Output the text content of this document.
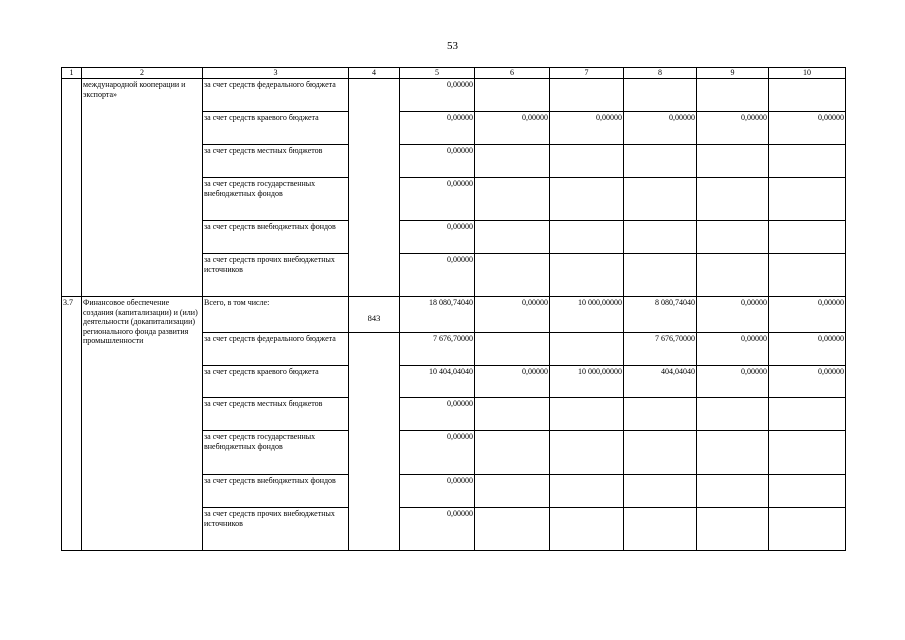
53
1	2	3	4	5	6	7	8	9	10
	международной кооперации и экспорта»	за счет средств федерального бюджета		0,00000					
		за счет средств краевого бюджета		0,00000	0,00000	0,00000	0,00000	0,00000	0,00000
		за счет средств местных бюджетов		0,00000					
		за счет средств государственных внебюджетных фондов		0,00000					
		за счет средств внебюджетных фондов		0,00000					
		за счет средств прочих внебюджетных источников		0,00000					
3.7	Финансовое обеспечение создания (капитализации) и (или) деятельности (докапитализации) регионального фонда развития промышленности	Всего, в том числе:	843	18 080,74040	0,00000	10 000,00000	8 080,74040	0,00000	0,00000
		за счет средств федерального бюджета		7 676,70000			7 676,70000	0,00000	0,00000
		за счет средств краевого бюджета		10 404,04040	0,00000	10 000,00000	404,04040	0,00000	0,00000
		за счет средств местных бюджетов		0,00000					
		за счет средств государственных внебюджетных фондов		0,00000					
		за счет средств внебюджетных фондов		0,00000					
		за счет средств прочих внебюджетных источников		0,00000					
